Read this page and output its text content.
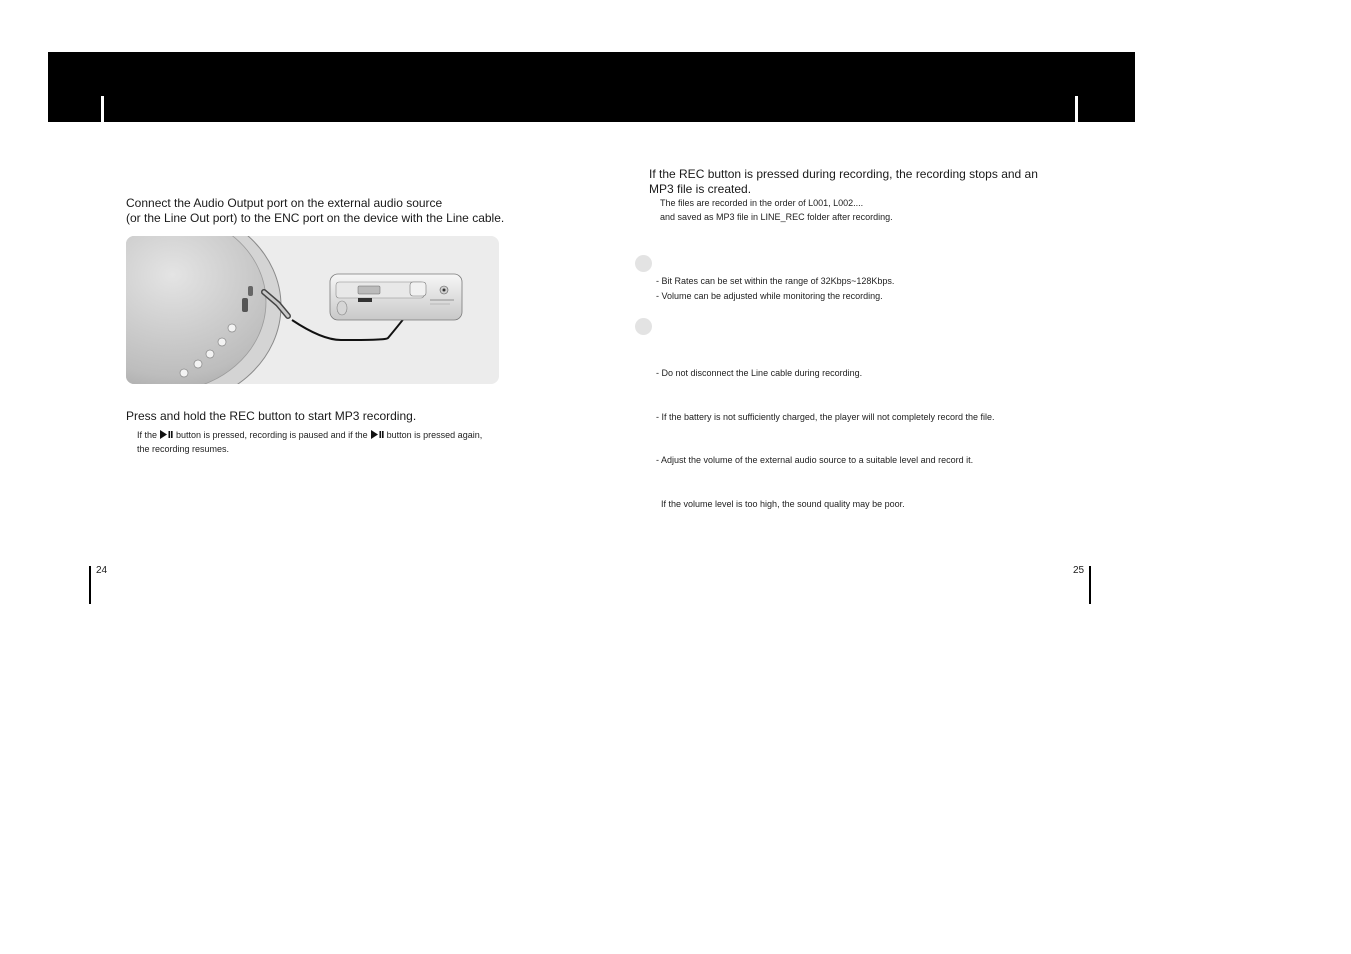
Connect the Audio Output port on the external audio source
(or the Line Out port) to the ENC port on the device with the Line cable.
Press and hold the REC button to start MP3 recording.
If the button is pressed, recording is paused and if the button is pressed again,
the recording resumes.
24
If the REC button is pressed during recording, the recording stops and an
MP3 file is created.
The files are recorded in the order of L001, L002....
and saved as MP3 file in LINE_REC folder after recording.
- Bit Rates can be set within the range of 32Kbps~128Kbps.
- Volume can be adjusted while monitoring the recording.

- Do not disconnect the Line cable during recording.

- If the battery is not sufficiently charged, the player will not completely record the file.

- Adjust the volume of the external audio source to a suitable level and record it.

If the volume level is too high, the sound quality may be poor.

25
